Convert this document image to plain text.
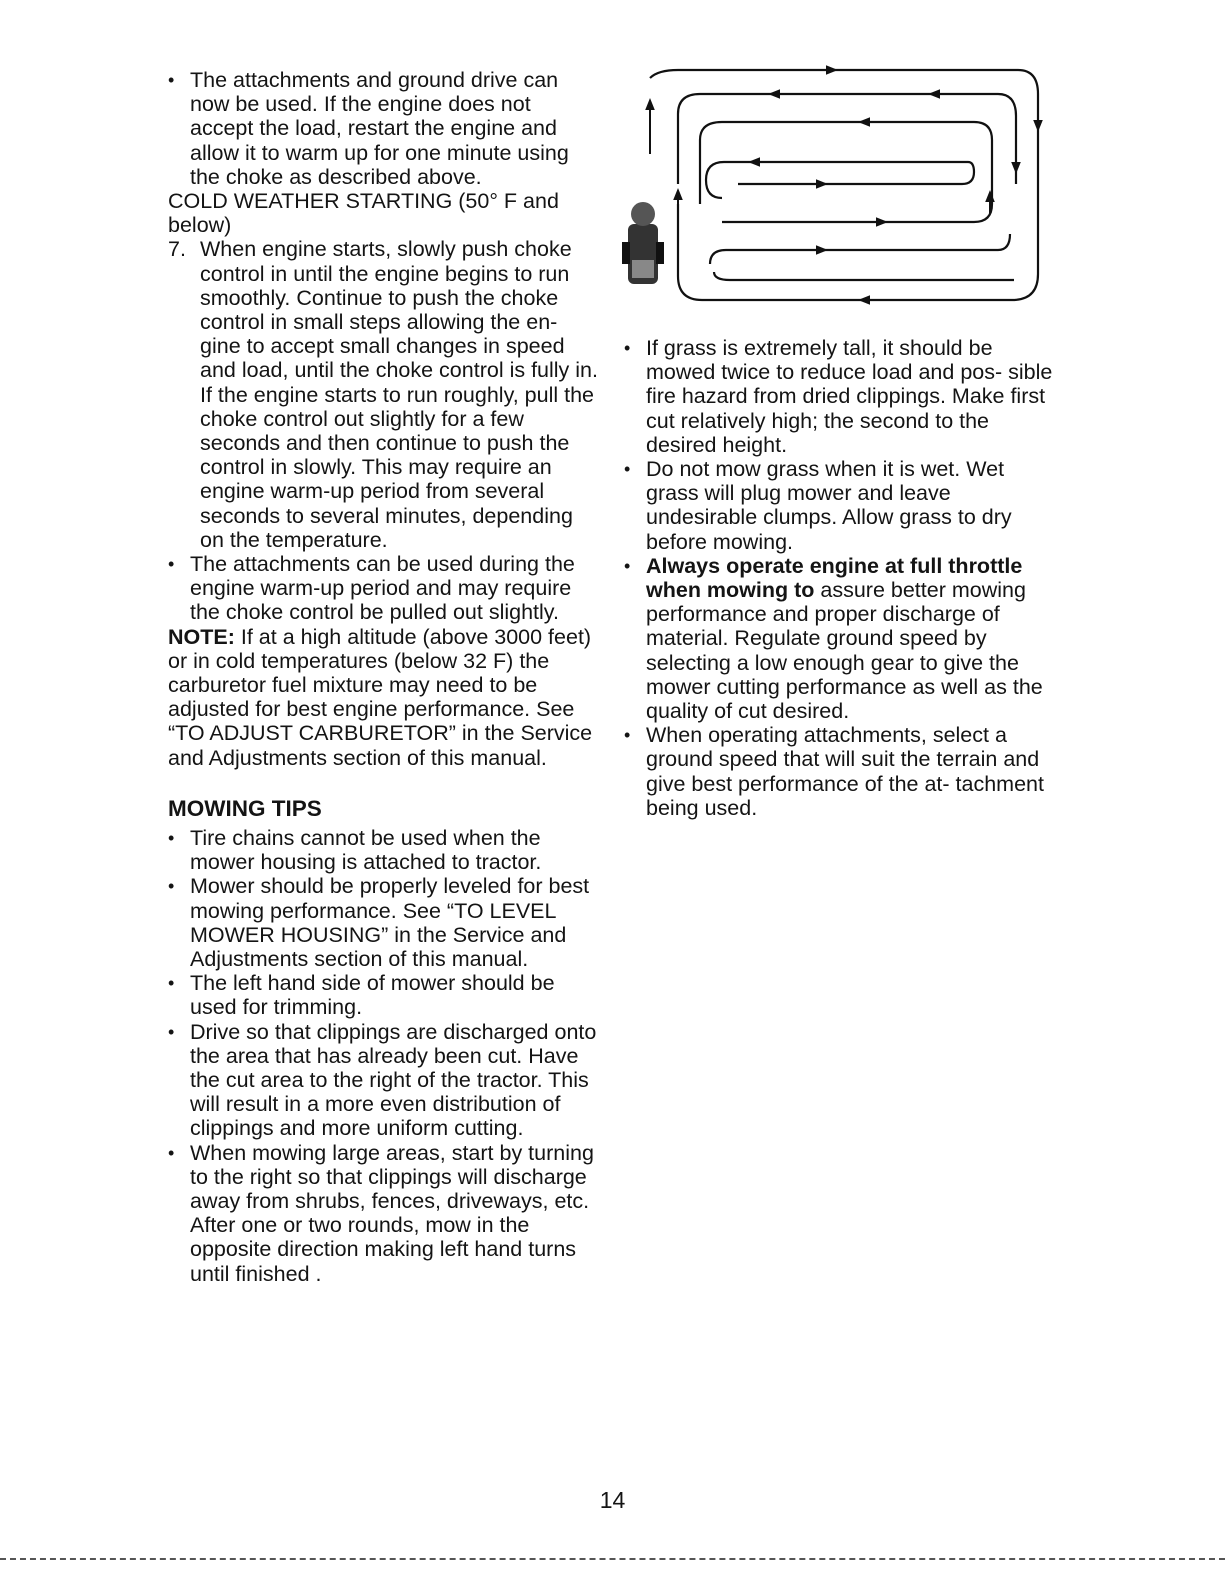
• The attachments and ground drive can now be used. If the engine does not accept the load, restart the engine and allow it to warm up for one minute using the choke as described above.

COLD WEATHER STARTING (50° F and below)

7. When engine starts, slowly push choke control in until the engine begins to run smoothly. Continue to push the choke control in small steps allowing the en- gine to accept small changes in speed and load, until the choke control is fully in. If the engine starts to run roughly, pull the choke control out slightly for a few seconds and then continue to push the control in slowly. This may require an engine warm-up period from several seconds to several minutes, depending on the temperature.

• The attachments can be used during the engine warm-up period and may require the choke control be pulled out slightly.

NOTE: If at a high altitude (above 3000 feet) or in cold temperatures (below 32 F) the carburetor fuel mixture may need to be adjusted for best engine performance. See “TO ADJUST CARBURETOR” in the Service and Adjustments section of this manual.

MOWING TIPS

• Tire chains cannot be used when the mower housing is attached to tractor.

• Mower should be properly leveled for best mowing performance. See “TO LEVEL MOWER HOUSING” in the Service and Adjustments section of this manual.

• The left hand side of mower should be used for trimming.

• Drive so that clippings are discharged onto the area that has already been cut. Have the cut area to the right of the tractor. This will result in a more even distribution of clippings and more uniform cutting.

• When mowing large areas, start by turning to the right so that clippings will discharge away from shrubs, fences, driveways, etc. After one or two rounds, mow in the opposite direction making left hand turns until finished .

• If grass is extremely tall, it should be mowed twice to reduce load and pos- sible fire hazard from dried clippings. Make first cut relatively high; the second to the desired height.

• Do not mow grass when it is wet. Wet grass will plug mower and leave undesirable clumps. Allow grass to dry before mowing.

• Always operate engine at full throttle when mowing to assure better mowing performance and proper discharge of material. Regulate ground speed by selecting a low enough gear to give the mower cutting performance as well as the quality of cut desired.

• When operating attachments, select a ground speed that will suit the terrain and give best performance of the at- tachment being used.

14
